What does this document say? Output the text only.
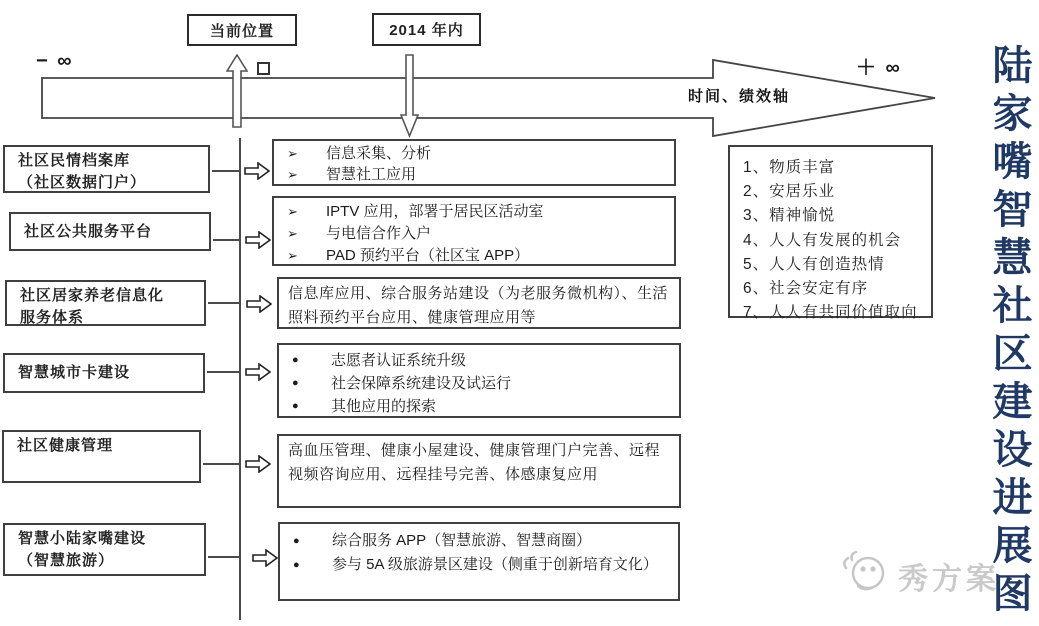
− ∞	＋ ∞
时间、绩效轴
当前位置	2014 年内
社区民情档案库
（社区数据门户）
社区公共服务平台
社区居家养老信息化
服务体系
智慧城市卡建设
社区健康管理
智慧小陆家嘴建设
（智慧旅游）
➢	信息采集、分析
➢	智慧社工应用
➢	IPTV 应用，部署于居民区活动室
➢	与电信合作入户
➢	PAD 预约平台（社区宝 APP）
信息库应用、综合服务站建设（为老服务微机构）、生活照料预约平台应用、健康管理应用等
●	志愿者认证系统升级
●	社会保障系统建设及试运行
●	其他应用的探索
高血压管理、健康小屋建设、健康管理门户完善、远程视频咨询应用、远程挂号完善、体感康复应用
●	综合服务 APP（智慧旅游、智慧商圈）
●	参与 5A 级旅游景区建设（侧重于创新培育文化）
1、物质丰富
2、安居乐业
3、精神愉悦
4、人人有发展的机会
5、人人有创造热情
6、社会安定有序
7、人人有共同价值取向
秀方案
陆家嘴智慧社区建设进展图
